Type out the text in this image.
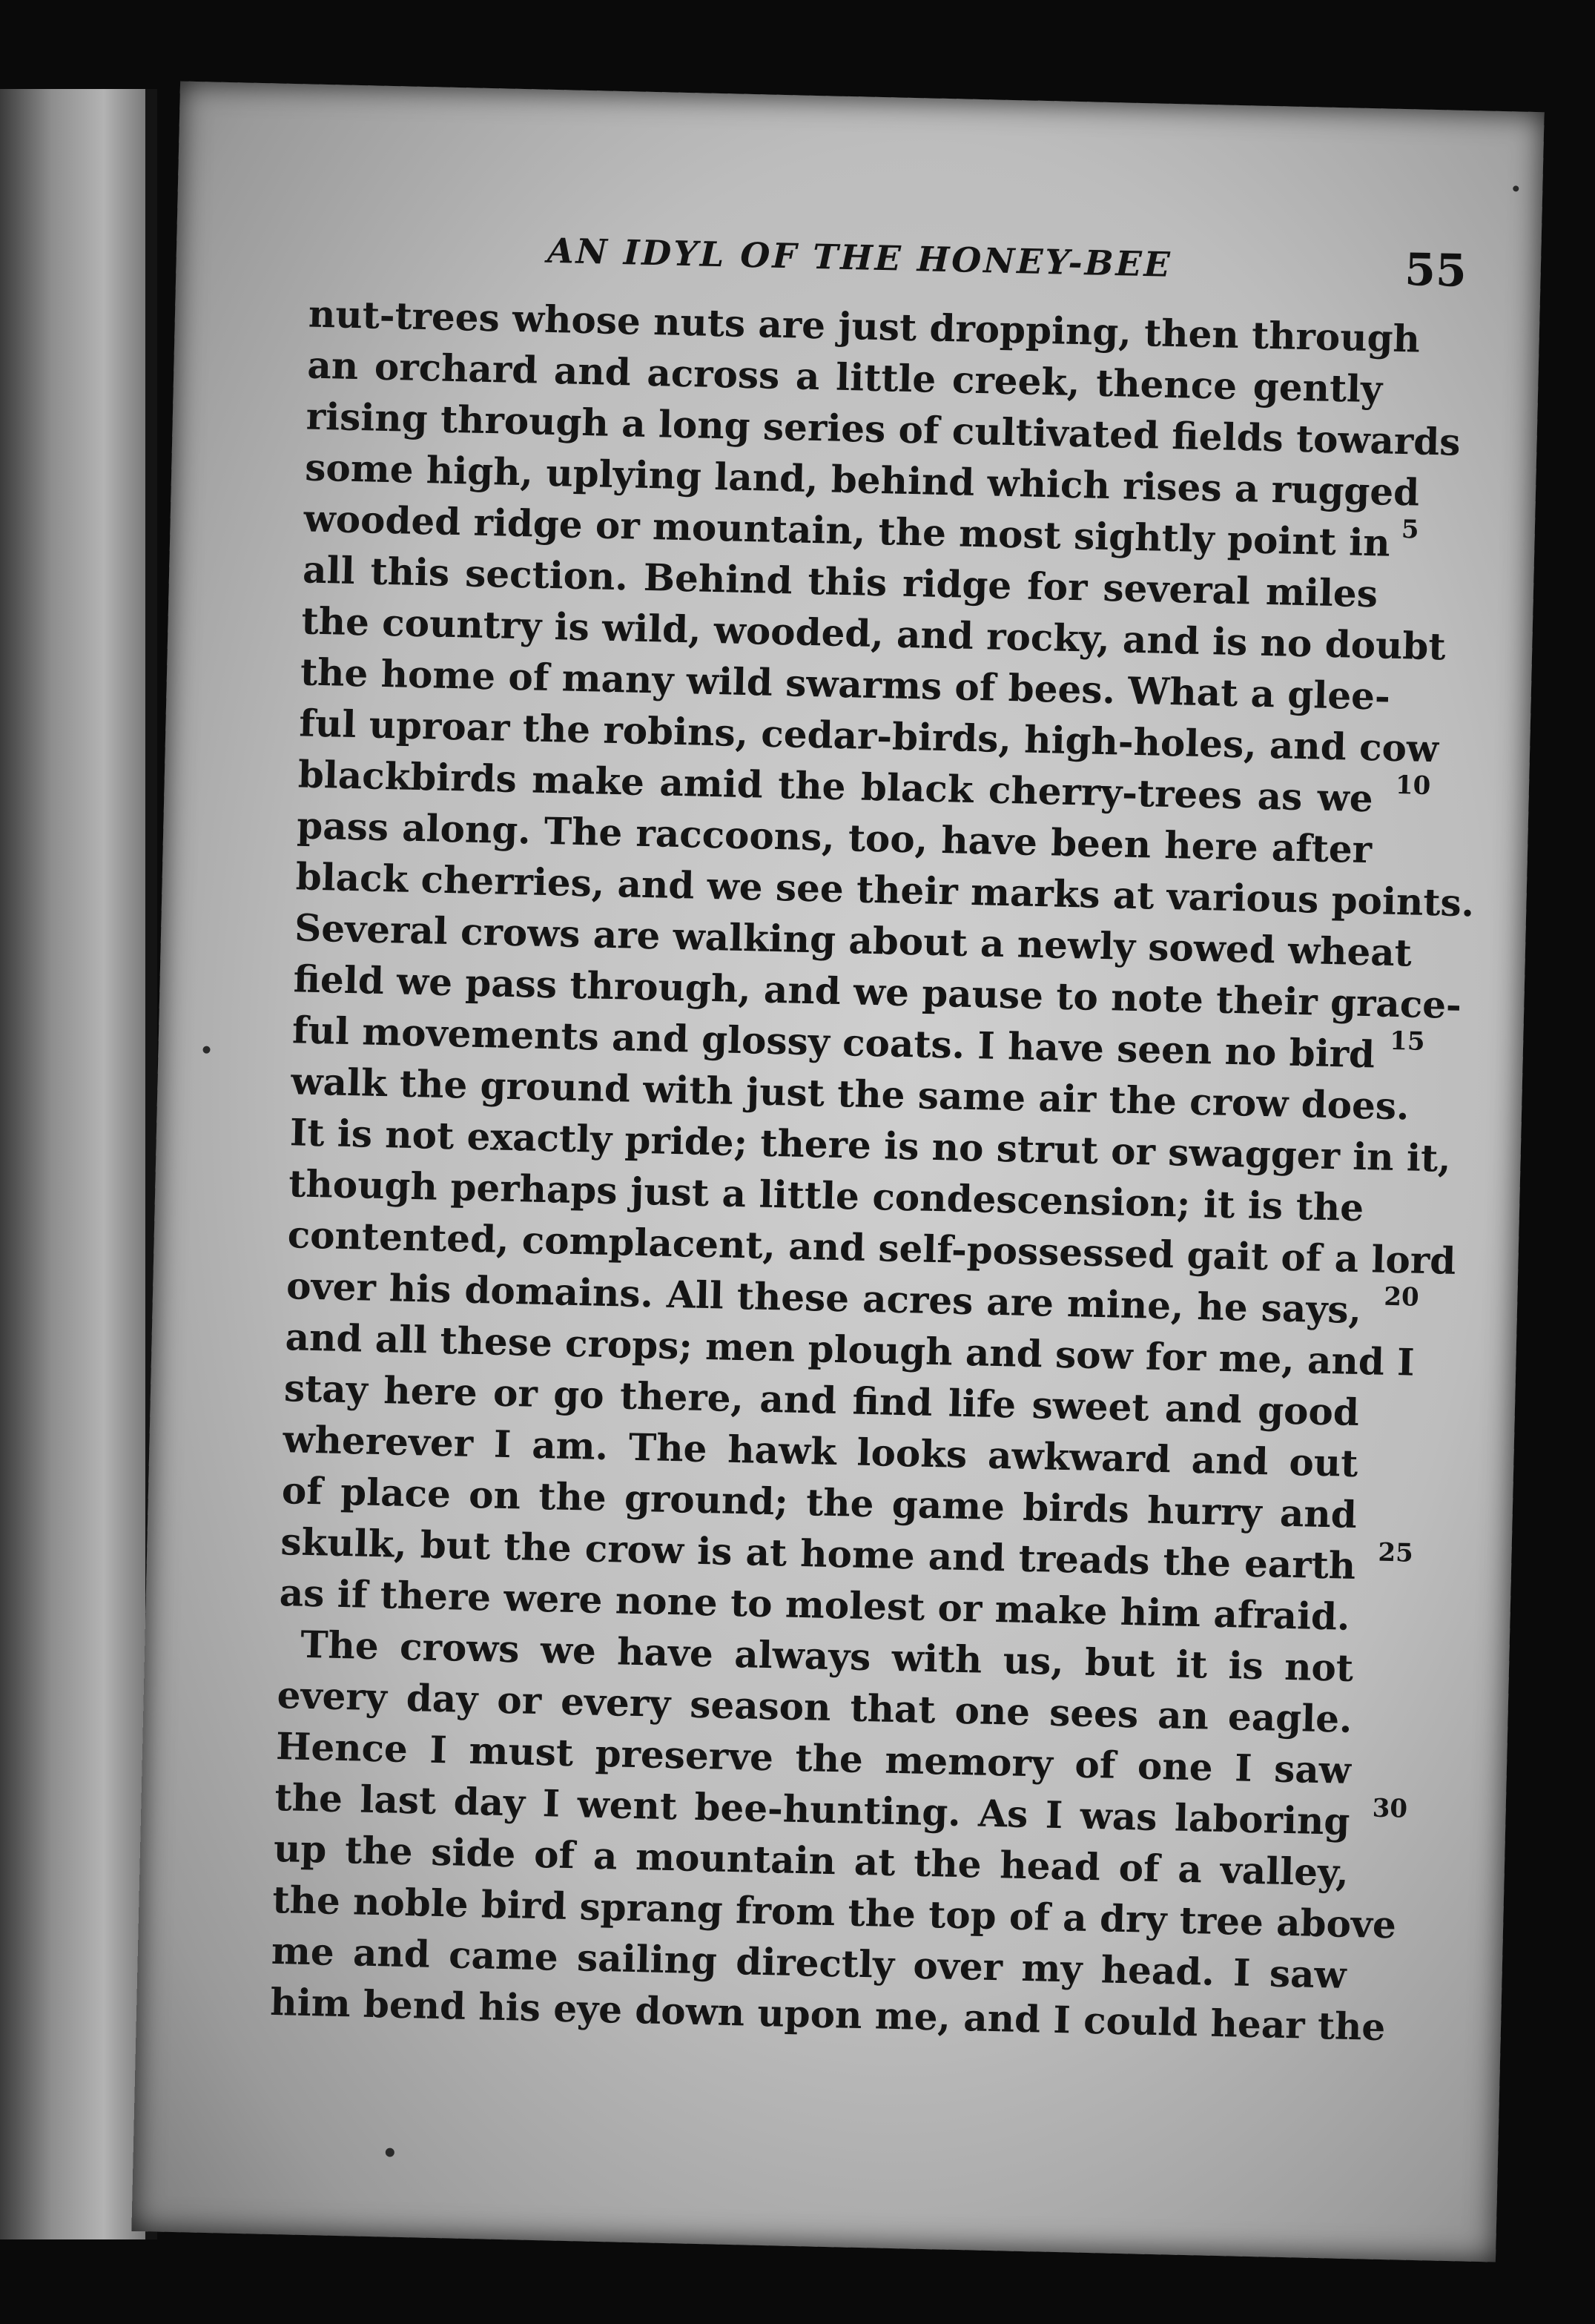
AN IDYL OF THE HONEY-BEE	55
nut-trees whose nuts are just dropping, then through
an orchard and across a little creek, thence gently
rising through a long series of cultivated fields towards
some high, uplying land, behind which rises a rugged
wooded ridge or mountain, the most sightly point in
all this section. Behind this ridge for several miles
the country is wild, wooded, and rocky, and is no doubt
the home of many wild swarms of bees. What a glee-
ful uproar the robins, cedar-birds, high-holes, and cow
blackbirds make amid the black cherry-trees as we
pass along. The raccoons, too, have been here after
black cherries, and we see their marks at various points.
Several crows are walking about a newly sowed wheat
field we pass through, and we pause to note their grace-
ful movements and glossy coats. I have seen no bird
walk the ground with just the same air the crow does.
It is not exactly pride; there is no strut or swagger in it,
though perhaps just a little condescension; it is the
contented, complacent, and self-possessed gait of a lord
over his domains. All these acres are mine, he says,
and all these crops; men plough and sow for me, and I
stay here or go there, and find life sweet and good
wherever I am. The hawk looks awkward and out
of place on the ground; the game birds hurry and
skulk, but the crow is at home and treads the earth
as if there were none to molest or make him afraid.
The crows we have always with us, but it is not
every day or every season that one sees an eagle.
Hence I must preserve the memory of one I saw
the last day I went bee-hunting. As I was laboring
up the side of a mountain at the head of a valley,
the noble bird sprang from the top of a dry tree above
me and came sailing directly over my head. I saw
him bend his eye down upon me, and I could hear the
5
10
15
20
25
30
